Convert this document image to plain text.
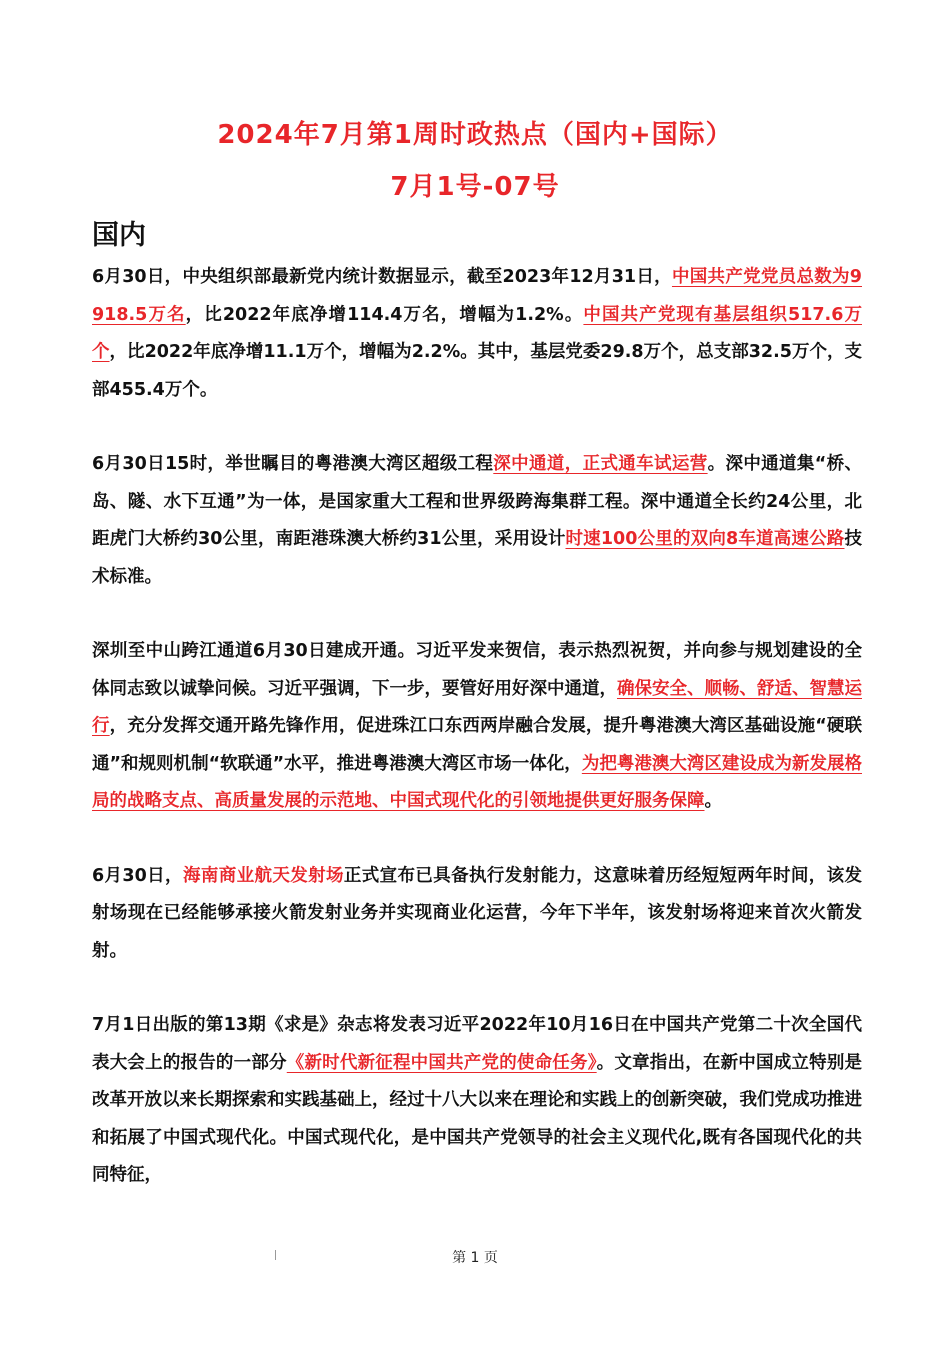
2024年7月第1周时政热点（国内+国际）
7月1号-07号
国内

6月30日，中央组织部最新党内统计数据显示，截至2023年12月31日，中国共产党党员总数为9918.5万名，比2022年底净增114.4万名，增幅为1.2%。中国共产党现有基层组织517.6万个，比2022年底净增11.1万个，增幅为2.2%。其中，基层党委29.8万个，总支部32.5万个，支部455.4万个。

6月30日15时，举世瞩目的粤港澳大湾区超级工程深中通道，正式通车试运营。深中通道集“桥、岛、隧、水下互通”为一体，是国家重大工程和世界级跨海集群工程。深中通道全长约24公里，北距虎门大桥约30公里，南距港珠澳大桥约31公里，采用设计时速100公里的双向8车道高速公路技术标准。

深圳至中山跨江通道6月30日建成开通。习近平发来贺信，表示热烈祝贺，并向参与规划建设的全体同志致以诚挚问候。习近平强调，下一步，要管好用好深中通道，确保安全、顺畅、舒适、智慧运行，充分发挥交通开路先锋作用，促进珠江口东西两岸融合发展，提升粤港澳大湾区基础设施“硬联通”和规则机制“软联通”水平，推进粤港澳大湾区市场一体化，为把粤港澳大湾区建设成为新发展格局的战略支点、高质量发展的示范地、中国式现代化的引领地提供更好服务保障。

6月30日，海南商业航天发射场正式宣布已具备执行发射能力，这意味着历经短短两年时间，该发射场现在已经能够承接火箭发射业务并实现商业化运营，今年下半年，该发射场将迎来首次火箭发射。

7月1日出版的第13期《求是》杂志将发表习近平2022年10月16日在中国共产党第二十次全国代表大会上的报告的一部分《新时代新征程中国共产党的使命任务》。文章指出，在新中国成立特别是改革开放以来长期探索和实践基础上，经过十八大以来在理论和实践上的创新突破，我们党成功推进和拓展了中国式现代化。中国式现代化，是中国共产党领导的社会主义现代化,既有各国现代化的共同特征，

第 1 页
